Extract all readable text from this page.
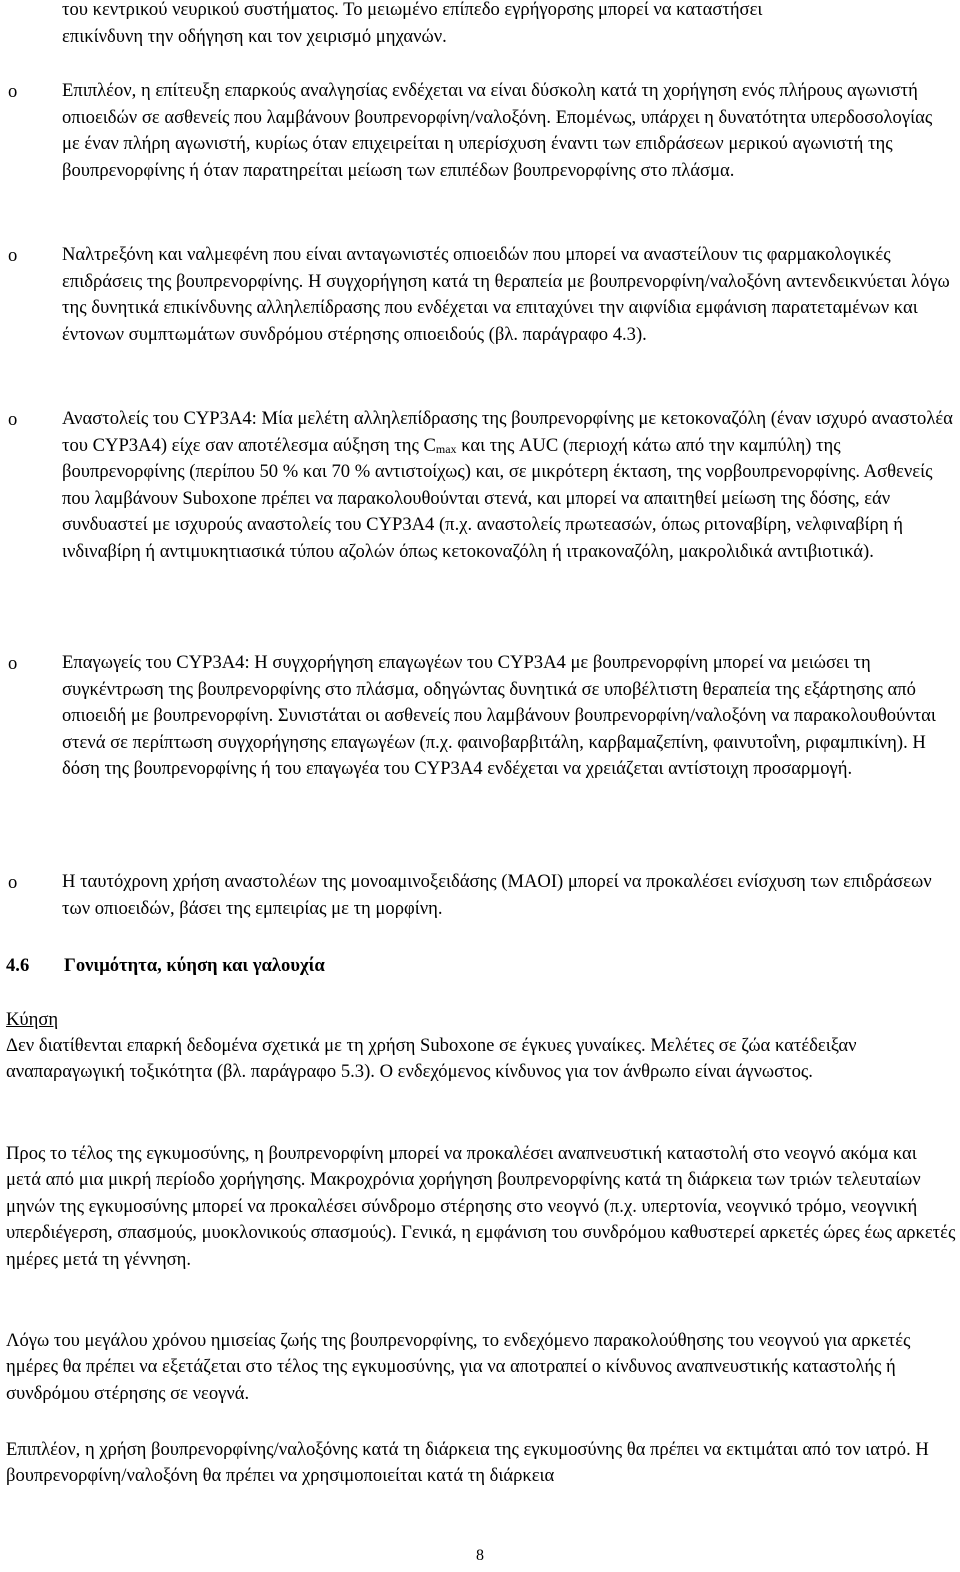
του κεντρικού νευρικού συστήματος. Το μειωμένο επίπεδο εγρήγορσης μπορεί να καταστήσει
επικίνδυνη την οδήγηση και τον χειρισμό μηχανών.
o Επιπλέον, η επίτευξη επαρκούς αναλγησίας ενδέχεται να είναι δύσκολη κατά τη χορήγηση ενός πλήρους αγωνιστή οπιοειδών σε ασθενείς που λαμβάνουν βουπρενορφίνη/ναλοξόνη. Επομένως, υπάρχει η δυνατότητα υπερδοσολογίας με έναν πλήρη αγωνιστή, κυρίως όταν επιχειρείται η υπερίσχυση έναντι των επιδράσεων μερικού αγωνιστή της βουπρενορφίνης ή όταν παρατηρείται μείωση των επιπέδων βουπρενορφίνης στο πλάσμα.
o Ναλτρεξόνη και ναλμεφένη που είναι ανταγωνιστές οπιοειδών που μπορεί να αναστείλουν τις φαρμακολογικές επιδράσεις της βουπρενορφίνης. Η συγχορήγηση κατά τη θεραπεία με βουπρενορφίνη/ναλοξόνη αντενδεικνύεται λόγω της δυνητικά επικίνδυνης αλληλεπίδρασης που ενδέχεται να επιταχύνει την αιφνίδια εμφάνιση παρατεταμένων και έντονων συμπτωμάτων συνδρόμου στέρησης οπιοειδούς (βλ. παράγραφο 4.3).
o Αναστολείς του CYP3A4: Μία μελέτη αλληλεπίδρασης της βουπρενορφίνης με κετοκοναζόλη (έναν ισχυρό αναστολέα του CYP3A4) είχε σαν αποτέλεσμα αύξηση της $C_{max}$ και της AUC (περιοχή κάτω από την καμπύλη) της βουπρενορφίνης (περίπου 50 % και 70 % αντιστοίχως) και, σε μικρότερη έκταση, της νορβουπρενορφίνης. Ασθενείς που λαμβάνουν Suboxone πρέπει να παρακολουθούνται στενά, και μπορεί να απαιτηθεί μείωση της δόσης, εάν συνδυαστεί με ισχυρούς αναστολείς του CYP3A4 (π.χ. αναστολείς πρωτεασών, όπως ριτοναβίρη, νελφιναβίρη ή ινδιναβίρη ή αντιμυκητιασικά τύπου αζολών όπως κετοκοναζόλη ή ιτρακοναζόλη, μακρολιδικά αντιβιοτικά).
o Επαγωγείς του CYP3A4: Η συγχορήγηση επαγωγέων του CYP3A4 με βουπρενορφίνη μπορεί να μειώσει τη συγκέντρωση της βουπρενορφίνης στο πλάσμα, οδηγώντας δυνητικά σε υποβέλτιστη θεραπεία της εξάρτησης από οπιοειδή με βουπρενορφίνη. Συνιστάται οι ασθενείς που λαμβάνουν βουπρενορφίνη/ναλοξόνη να παρακολουθούνται στενά σε περίπτωση συγχορήγησης επαγωγέων (π.χ. φαινοβαρβιτάλη, καρβαμαζεπίνη, φαινυτοΐνη, ριφαμπικίνη). Η δόση της βουπρενορφίνης ή του επαγωγέα του CYP3A4 ενδέχεται να χρειάζεται αντίστοιχη προσαρμογή.
o Η ταυτόχρονη χρήση αναστολέων της μονοαμινοξειδάσης (MAOI) μπορεί να προκαλέσει ενίσχυση των επιδράσεων των οπιοειδών, βάσει της εμπειρίας με τη μορφίνη.
4.6 Γονιμότητα, κύηση και γαλουχία
Κύηση
Δεν διατίθενται επαρκή δεδομένα σχετικά με τη χρήση Suboxone σε έγκυες γυναίκες. Μελέτες σε ζώα κατέδειξαν αναπαραγωγική τοξικότητα (βλ. παράγραφο 5.3). Ο ενδεχόμενος κίνδυνος για τον άνθρωπο είναι άγνωστος.
Προς το τέλος της εγκυμοσύνης, η βουπρενορφίνη μπορεί να προκαλέσει αναπνευστική καταστολή στο νεογνό ακόμα και μετά από μια μικρή περίοδο χορήγησης. Μακροχρόνια χορήγηση βουπρενορφίνης κατά τη διάρκεια των τριών τελευταίων μηνών της εγκυμοσύνης μπορεί να προκαλέσει σύνδρομο στέρησης στο νεογνό (π.χ. υπερτονία, νεογνικό τρόμο, νεογνική υπερδιέγερση, σπασμούς, μυοκλονικούς σπασμούς). Γενικά, η εμφάνιση του συνδρόμου καθυστερεί αρκετές ώρες έως αρκετές ημέρες μετά τη γέννηση.
Λόγω του μεγάλου χρόνου ημισείας ζωής της βουπρενορφίνης, το ενδεχόμενο παρακολούθησης του νεογνού για αρκετές ημέρες θα πρέπει να εξετάζεται στο τέλος της εγκυμοσύνης, για να αποτραπεί ο κίνδυνος αναπνευστικής καταστολής ή συνδρόμου στέρησης σε νεογνά.
Επιπλέον, η χρήση βουπρενορφίνης/ναλοξόνης κατά τη διάρκεια της εγκυμοσύνης θα πρέπει να εκτιμάται από τον ιατρό. Η βουπρενορφίνη/ναλοξόνη θα πρέπει να χρησιμοποιείται κατά τη διάρκεια
8
